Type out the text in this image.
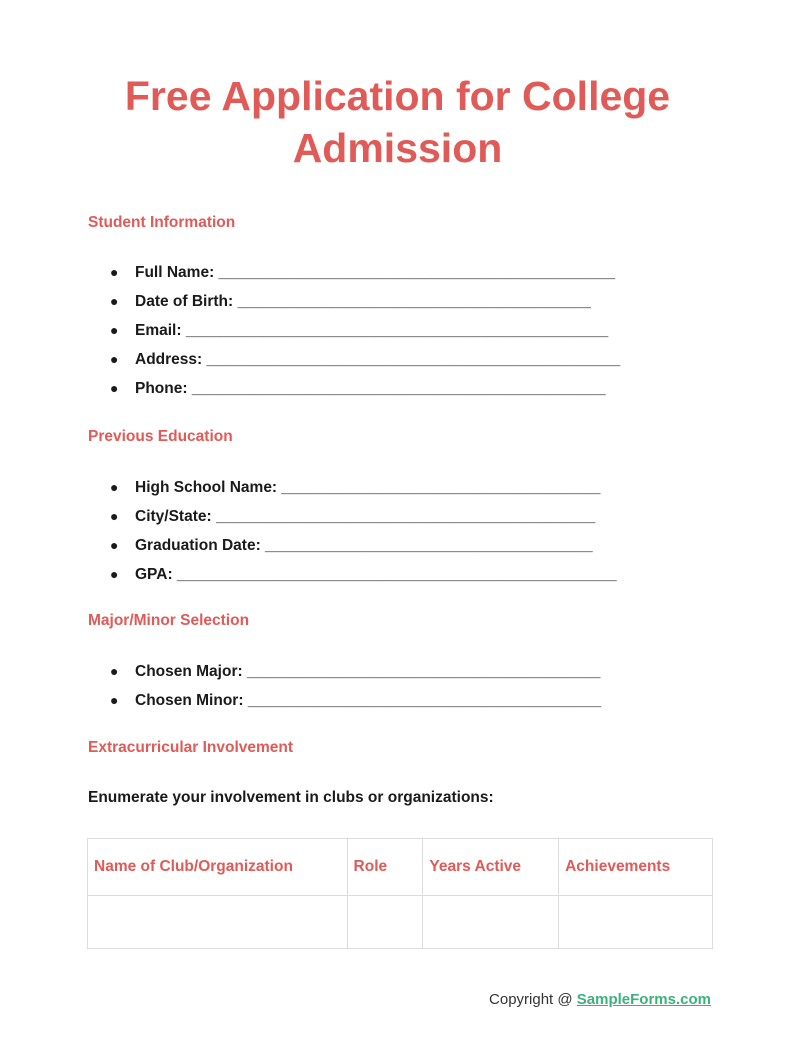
Free Application for College Admission
Student Information
● Full Name: ______________________________________________
● Date of Birth: _________________________________________
● Email: _________________________________________________
● Address: ________________________________________________
● Phone: ________________________________________________
Previous Education
● High School Name: _____________________________________
● City/State: ____________________________________________
● Graduation Date: ______________________________________
● GPA: ___________________________________________________
Major/Minor Selection
● Chosen Major: _________________________________________
● Chosen Minor: _________________________________________
Extracurricular Involvement

Enumerate your involvement in clubs or organizations:

Name of Club/Organization	Role	Years Active	Achievements

Copyright @ SampleForms.com
